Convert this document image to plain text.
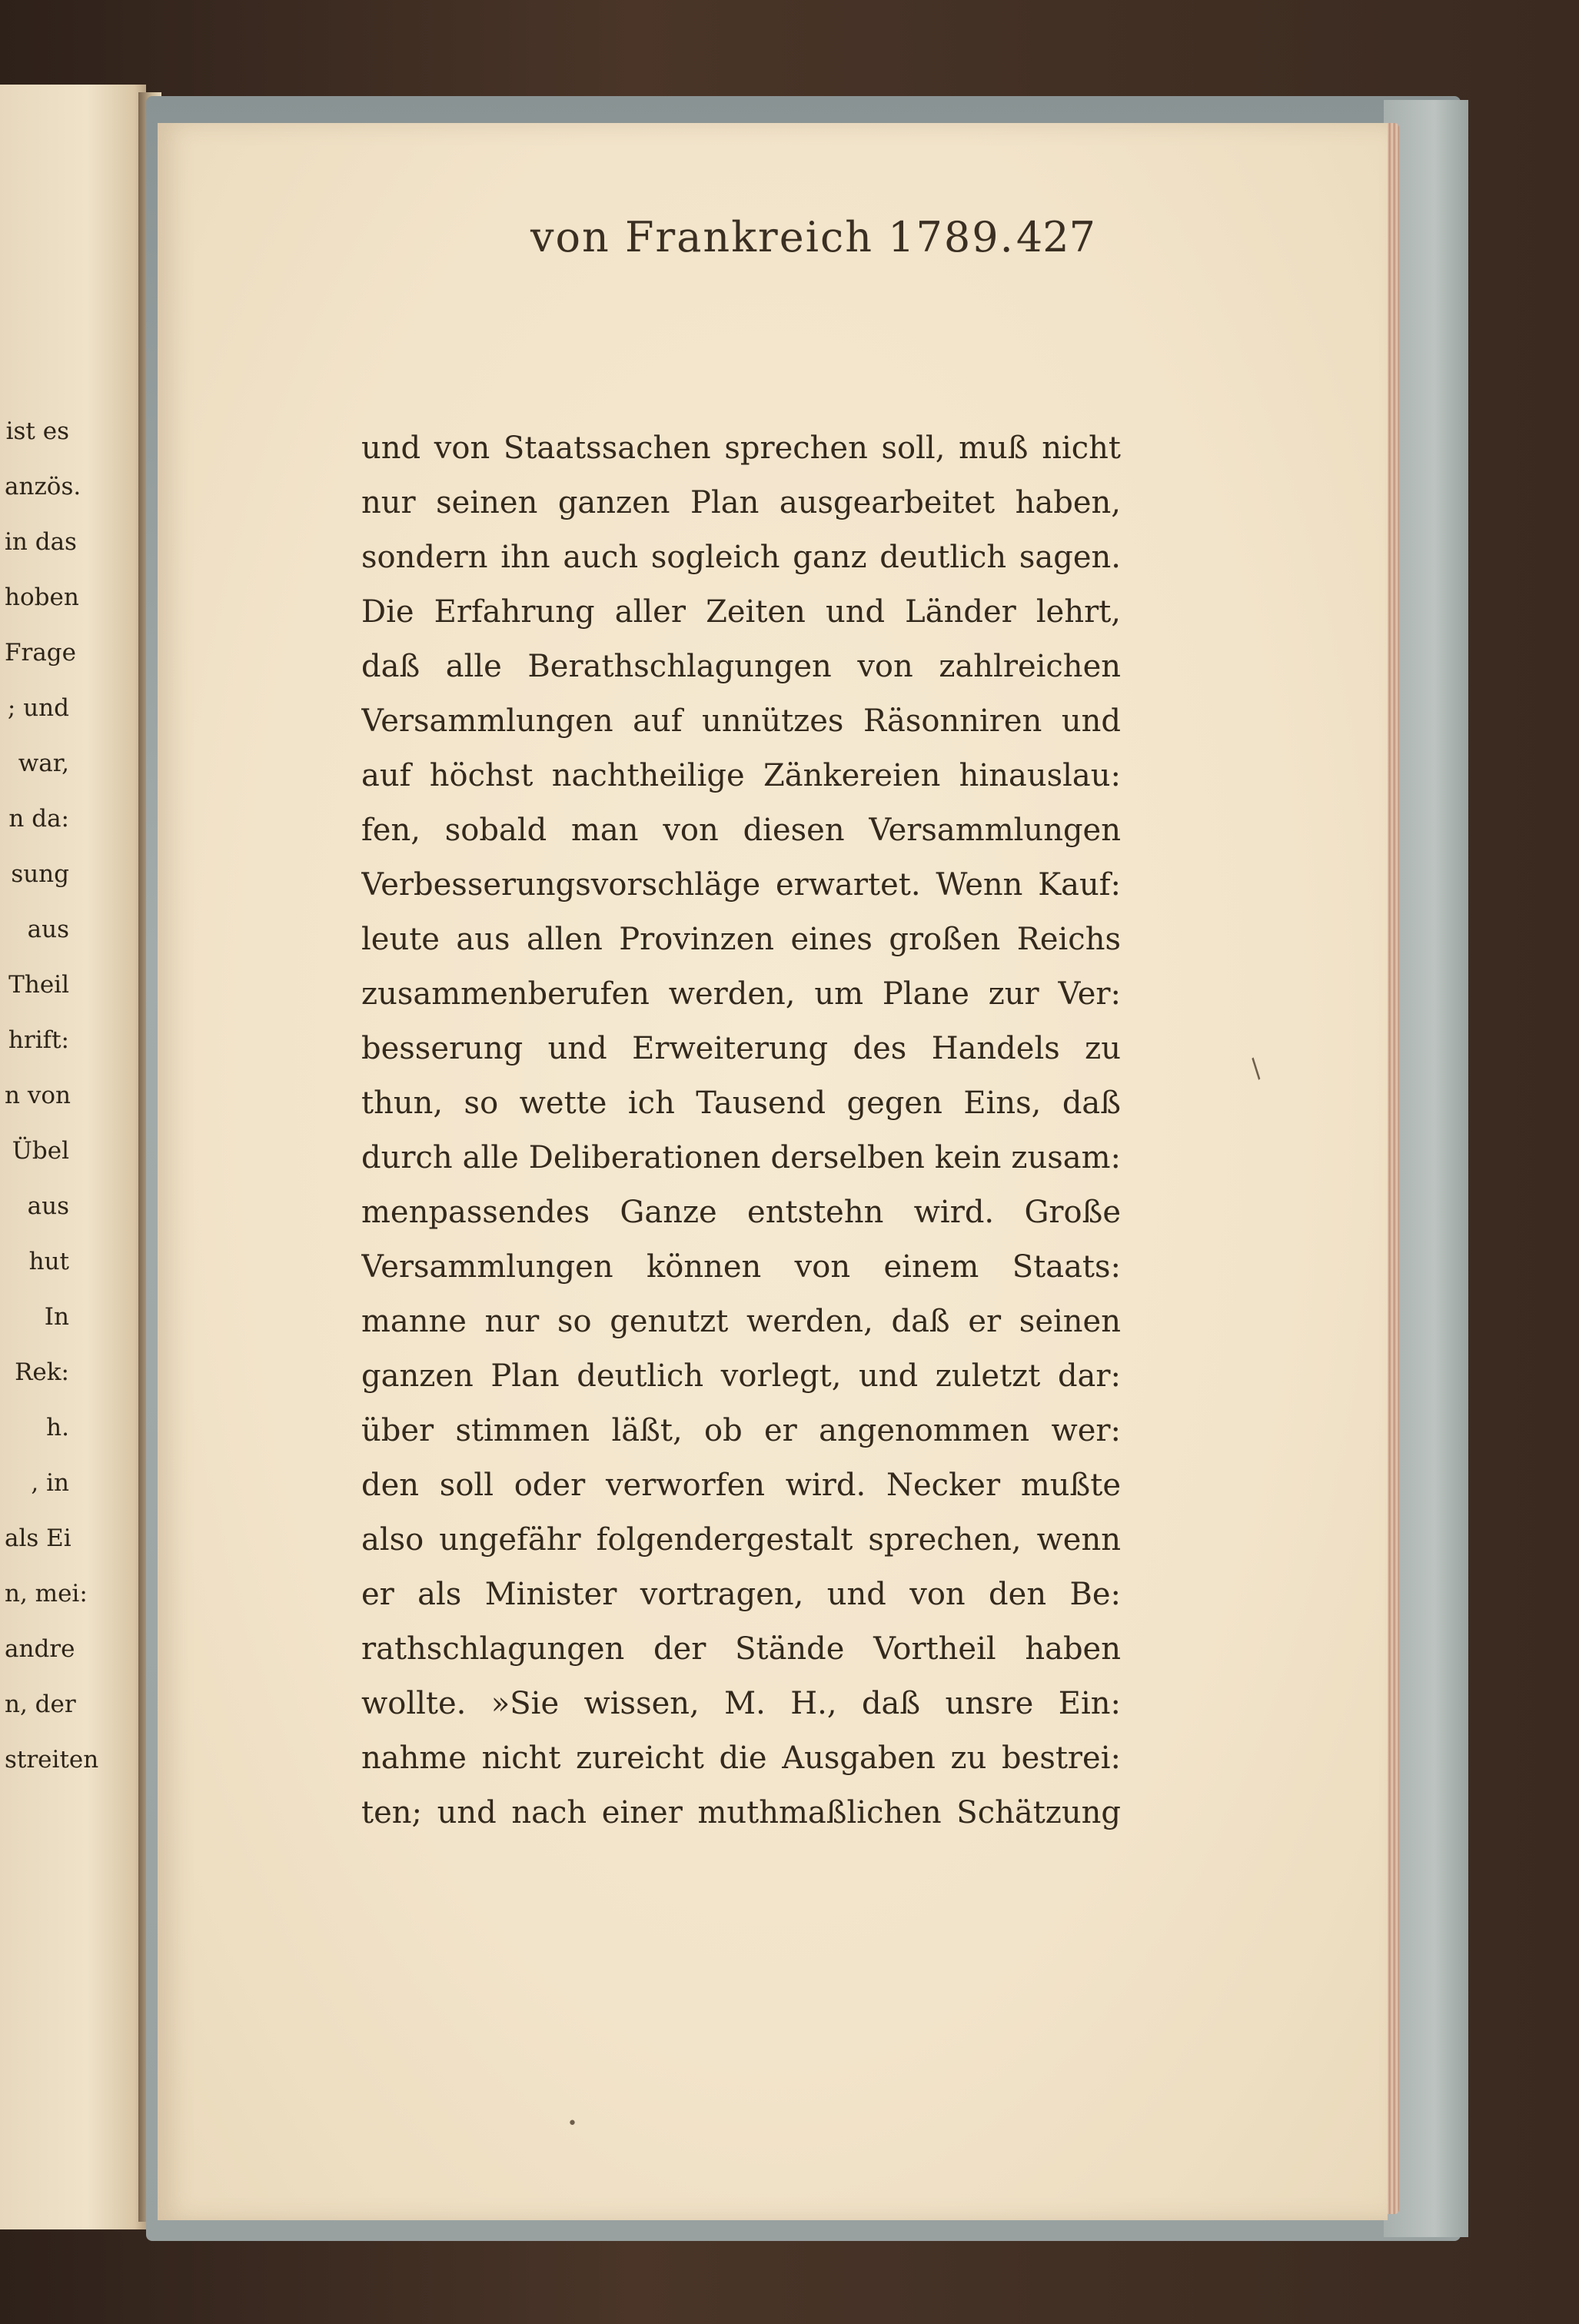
ist es
anzös.
in das
hoben
Frage
; und
war,
n da:
sung
aus
Theil
hrift:
n von
Übel
aus
hut
In
Rek:
h.
, in
als Ei
n, mei:
andre
n, der
streiten
von Frankreich 1789. 427
und von Staatssachen sprechen soll, muß nicht
nur seinen ganzen Plan ausgearbeitet haben,
sondern ihn auch sogleich ganz deutlich sagen.
Die Erfahrung aller Zeiten und Länder lehrt,
daß alle Berathschlagungen von zahlreichen
Versammlungen auf unnützes Räsonniren und
auf höchst nachtheilige Zänkereien hinauslau:
fen, sobald man von diesen Versammlungen
Verbesserungsvorschläge erwartet. Wenn Kauf:
leute aus allen Provinzen eines großen Reichs
zusammenberufen werden, um Plane zur Ver:
besserung und Erweiterung des Handels zu
thun, so wette ich Tausend gegen Eins, daß
durch alle Deliberationen derselben kein zusam:
menpassendes Ganze entstehn wird. Große
Versammlungen können von einem Staats:
manne nur so genutzt werden, daß er seinen
ganzen Plan deutlich vorlegt, und zuletzt dar:
über stimmen läßt, ob er angenommen wer:
den soll oder verworfen wird. Necker mußte
also ungefähr folgendergestalt sprechen, wenn
er als Minister vortragen, und von den Be:
rathschlagungen der Stände Vortheil haben
wollte. »Sie wissen, M. H., daß unsre Ein:
nahme nicht zureicht die Ausgaben zu bestrei:
ten; und nach einer muthmaßlichen Schätzung
/
•
